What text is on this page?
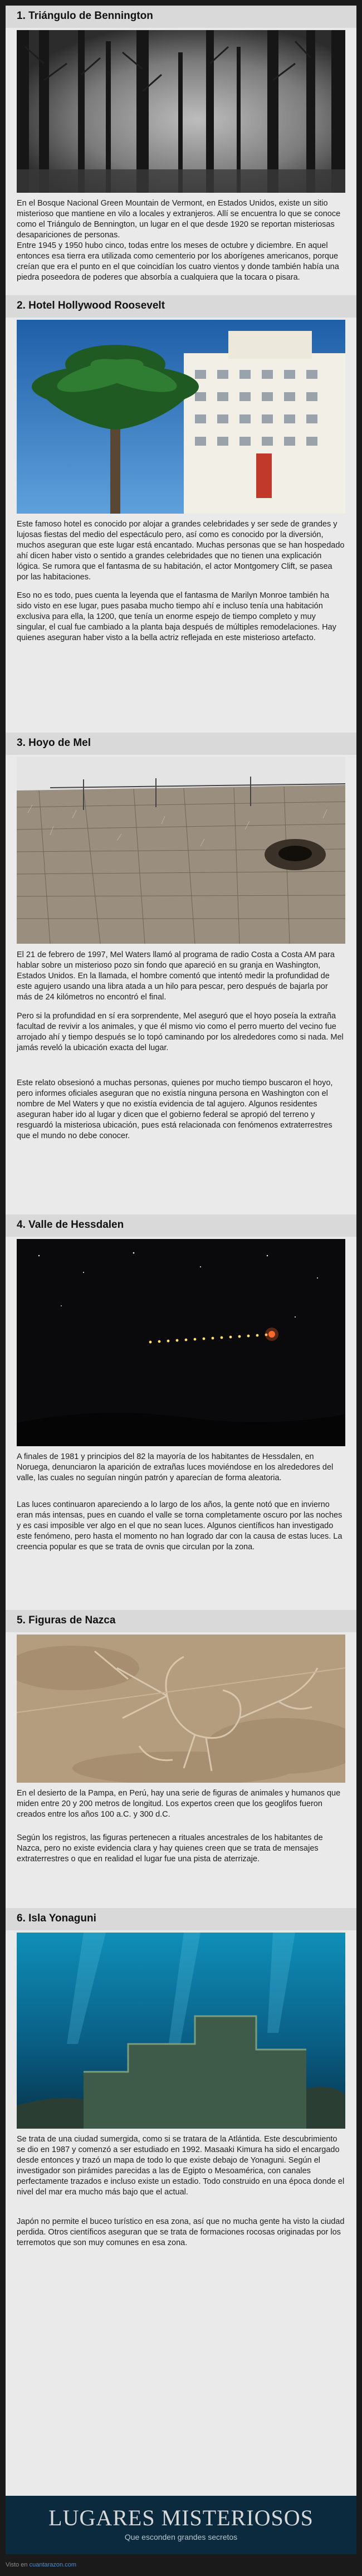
1. Triángulo de Bennington

En el Bosque Nacional Green Mountain de Vermont, en Estados Unidos, existe un sitio misterioso que mantiene en vilo a locales y extranjeros. Allí se encuentra lo que se conoce como el Triángulo de Bennington, un lugar en el que desde 1920 se reportan misteriosas desapariciones de personas.

Entre 1945 y 1950 hubo cinco, todas entre los meses de octubre y diciembre. En aquel entonces esa tierra era utilizada como cementerio por los aborígenes americanos, porque creían que era el punto en el que coincidían los cuatro vientos y donde también había una piedra poseedora de poderes que absorbía a cualquiera que la tocara o pisara.

2. Hotel Hollywood Roosevelt

Este famoso hotel es conocido por alojar a grandes celebridades y ser sede de grandes y lujosas fiestas del medio del espectáculo pero, así como es conocido por la diversión, muchos aseguran que este lugar está encantado. Muchas personas que se han hospedado ahí dicen haber visto o sentido a grandes celebridades que no tienen una explicación lógica. Se rumora que el fantasma de su habitación, el actor Montgomery Clift, se pasea por las habitaciones.

Eso no es todo, pues cuenta la leyenda que el fantasma de Marilyn Monroe también ha sido visto en ese lugar, pues pasaba mucho tiempo ahí e incluso tenía una habitación exclusiva para ella, la 1200, que tenía un enorme espejo de tiempo completo y muy singular, el cual fue cambiado a la planta baja después de múltiples remodelaciones. Hay quienes aseguran haber visto a la bella actriz reflejada en este misterioso artefacto.

3. Hoyo de Mel

El 21 de febrero de 1997, Mel Waters llamó al programa de radio Costa a Costa AM para hablar sobre un misterioso pozo sin fondo que apareció en su granja en Washington, Estados Unidos. En la llamada, el hombre comentó que intentó medir la profundidad de este agujero usando una libra atada a un hilo para pescar, pero después de bajarla por más de 24 kilómetros no encontró el final.

Pero si la profundidad en sí era sorprendente, Mel aseguró que el hoyo poseía la extraña facultad de revivir a los animales, y que él mismo vio como el perro muerto del vecino fue arrojado ahí y tiempo después se lo topó caminando por los alrededores como si nada. Mel jamás reveló la ubicación exacta del lugar.

Este relato obsesionó a muchas personas, quienes por mucho tiempo buscaron el hoyo, pero informes oficiales aseguran que no existía ninguna persona en Washington con el nombre de Mel Waters y que no existía evidencia de tal agujero. Algunos residentes aseguran haber ido al lugar y dicen que el gobierno federal se apropió del terreno y resguardó la misteriosa ubicación, pues está relacionada con fenómenos extraterrestres que el mundo no debe conocer.

4. Valle de Hessdalen

A finales de 1981 y principios del 82 la mayoría de los habitantes de Hessdalen, en Noruega, denunciaron la aparición de extrañas luces moviéndose en los alrededores del valle, las cuales no seguían ningún patrón y aparecían de forma aleatoria.

Las luces continuaron apareciendo a lo largo de los años, la gente notó que en invierno eran más intensas, pues en cuando el valle se torna completamente oscuro por las noches y es casi imposible ver algo en el que no sean luces. Algunos científicos han investigado este fenómeno, pero hasta el momento no han logrado dar con la causa de estas luces. La creencia popular es que se trata de ovnis que circulan por la zona.

5. Figuras de Nazca

En el desierto de la Pampa, en Perú, hay una serie de figuras de animales y humanos que miden entre 20 y 200 metros de longitud. Los expertos creen que los geoglifos fueron creados entre los años 100 a.C. y 300 d.C.

Según los registros, las figuras pertenecen a rituales ancestrales de los habitantes de Nazca, pero no existe evidencia clara y hay quienes creen que se trata de mensajes extraterrestres o que en realidad el lugar fue una pista de aterrizaje.

6. Isla Yonaguni

Se trata de una ciudad sumergida, como si se tratara de la Atlántida. Este descubrimiento se dio en 1987 y comenzó a ser estudiado en 1992. Masaaki Kimura ha sido el encargado desde entonces y trazó un mapa de todo lo que existe debajo de Yonaguni. Según el investigador son pirámides parecidas a las de Egipto o Mesoamérica, con canales perfectamente trazados e incluso existe un estadio. Todo construido en una época donde el nivel del mar era mucho más bajo que el actual.

Japón no permite el buceo turístico en esa zona, así que no mucha gente ha visto la ciudad perdida. Otros científicos aseguran que se trata de formaciones rocosas originadas por los terremotos que son muy comunes en esa zona.

LUGARES MISTERIOSOS
Que esconden grandes secretos
Visto en cuantarazon.com
